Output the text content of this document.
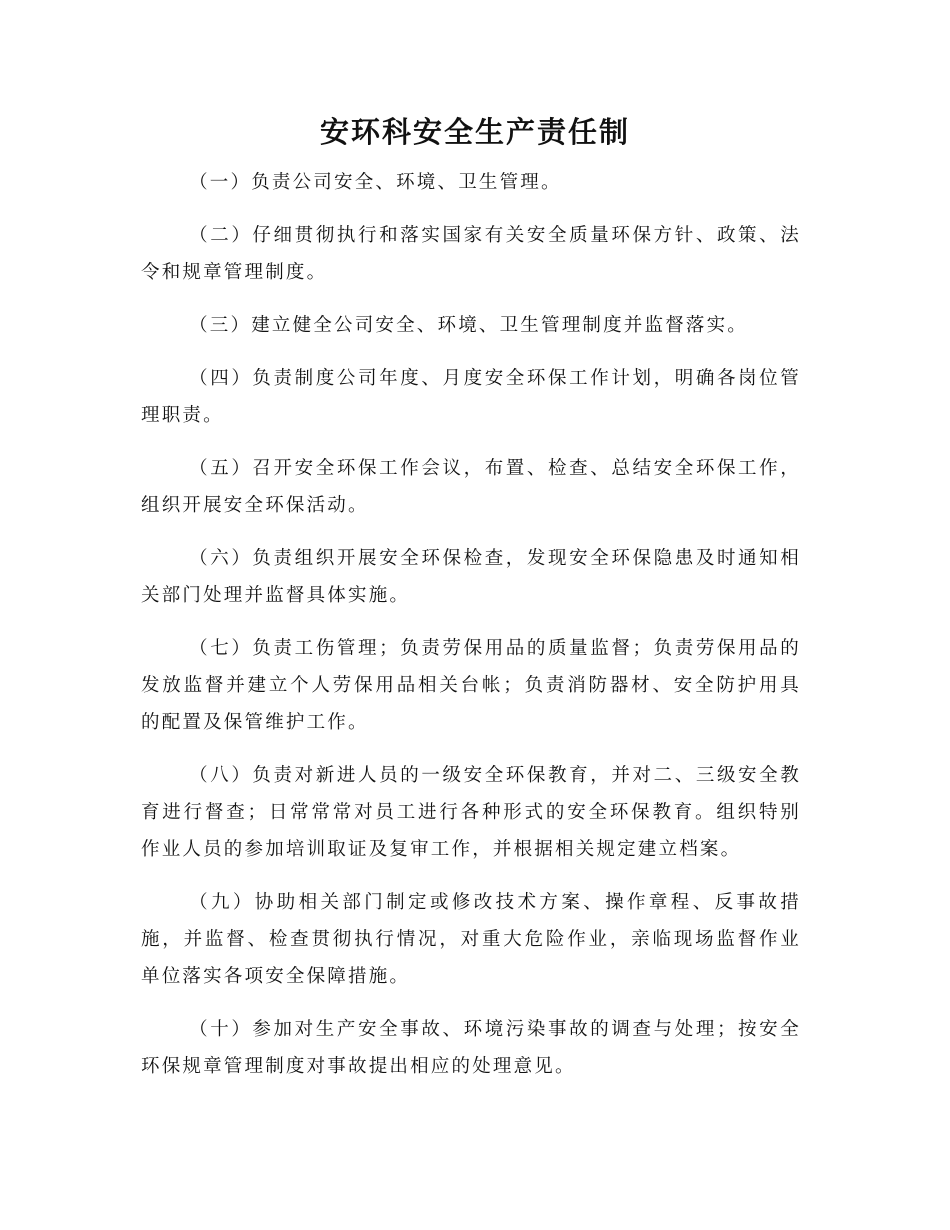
安环科安全生产责任制

（一）负责公司安全、环境、卫生管理。

（二）仔细贯彻执行和落实国家有关安全质量环保方针、政策、法令和规章管理制度。

（三）建立健全公司安全、环境、卫生管理制度并监督落实。

（四）负责制度公司年度、月度安全环保工作计划，明确各岗位管理职责。

（五）召开安全环保工作会议，布置、检查、总结安全环保工作，组织开展安全环保活动。

（六）负责组织开展安全环保检查，发现安全环保隐患及时通知相关部门处理并监督具体实施。

（七）负责工伤管理；负责劳保用品的质量监督；负责劳保用品的发放监督并建立个人劳保用品相关台帐；负责消防器材、安全防护用具的配置及保管维护工作。

（八）负责对新进人员的一级安全环保教育，并对二、三级安全教育进行督查；日常常常对员工进行各种形式的安全环保教育。组织特别作业人员的参加培训取证及复审工作，并根据相关规定建立档案。

（九）协助相关部门制定或修改技术方案、操作章程、反事故措施，并监督、检查贯彻执行情况，对重大危险作业，亲临现场监督作业单位落实各项安全保障措施。

（十）参加对生产安全事故、环境污染事故的调查与处理；按安全环保规章管理制度对事故提出相应的处理意见。
